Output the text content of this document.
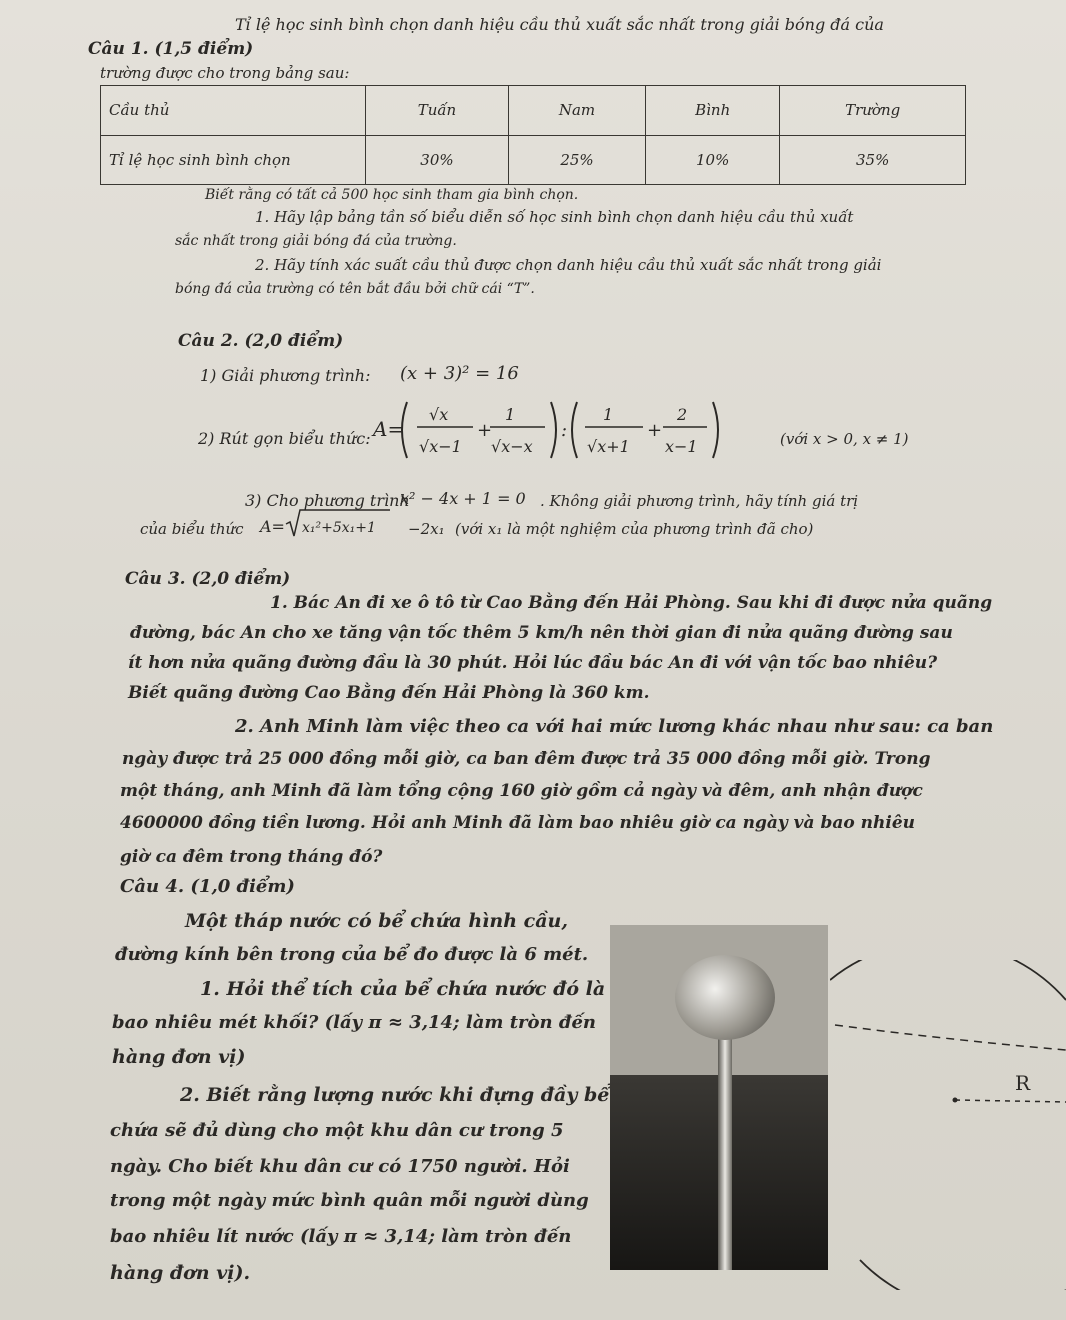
Câu 1. (1,5 điểm)
Tỉ lệ học sinh bình chọn danh hiệu cầu thủ xuất sắc nhất trong giải bóng đá của
trường được cho trong bảng sau:
Cầu thủ	Tuấn	Nam	Bình	Trường
Tỉ lệ học sinh bình chọn	30%	25%	10%	35%
Biết rằng có tất cả 500 học sinh tham gia bình chọn.
1. Hãy lập bảng tần số biểu diễn số học sinh bình chọn danh hiệu cầu thủ xuất
sắc nhất trong giải bóng đá của trường.
2. Hãy tính xác suất cầu thủ được chọn danh hiệu cầu thủ xuất sắc nhất trong giải
bóng đá của trường có tên bắt đầu bởi chữ cái “T”.
Câu 2. (2,0 điểm)
1) Giải phương trình: (x + 3)² = 16
2) Rút gọn biểu thức: A=
√x
√x−1
+
1
√x−x
:
1
√x+1
+
2
x−1	(với x > 0, x ≠ 1)
3) Cho phương trình
x² − 4x + 1 = 0 . Không giải phương trình, hãy tính giá trị
của biểu thức A= x₁²+5x₁+1 −2x₁ (với x₁ là một nghiệm của phương trình đã cho)
Câu 3. (2,0 điểm)
1. Bác An đi xe ô tô từ Cao Bằng đến Hải Phòng. Sau khi đi được nửa quãng
đường, bác An cho xe tăng vận tốc thêm 5 km/h nên thời gian đi nửa quãng đường sau
ít hơn nửa quãng đường đầu là 30 phút. Hỏi lúc đầu bác An đi với vận tốc bao nhiêu?
Biết quãng đường Cao Bằng đến Hải Phòng là 360 km.
2. Anh Minh làm việc theo ca với hai mức lương khác nhau như sau: ca ban
ngày được trả 25 000 đồng mỗi giờ, ca ban đêm được trả 35 000 đồng mỗi giờ. Trong
một tháng, anh Minh đã làm tổng cộng 160 giờ gồm cả ngày và đêm, anh nhận được
4600000 đồng tiền lương. Hỏi anh Minh đã làm bao nhiêu giờ ca ngày và bao nhiêu
giờ ca đêm trong tháng đó?
Câu 4. (1,0 điểm)
Một tháp nước có bể chứa hình cầu,
đường kính bên trong của bể đo được là 6 mét.
1. Hỏi thể tích của bể chứa nước đó là
bao nhiêu mét khối? (lấy π ≈ 3,14; làm tròn đến
hàng đơn vị)
2. Biết rằng lượng nước khi đựng đầy bể
chứa sẽ đủ dùng cho một khu dân cư trong 5
ngày. Cho biết khu dân cư có 1750 người. Hỏi
trong một ngày mức bình quân mỗi người dùng
bao nhiêu lít nước (lấy π ≈ 3,14; làm tròn đến
hàng đơn vị).
R
